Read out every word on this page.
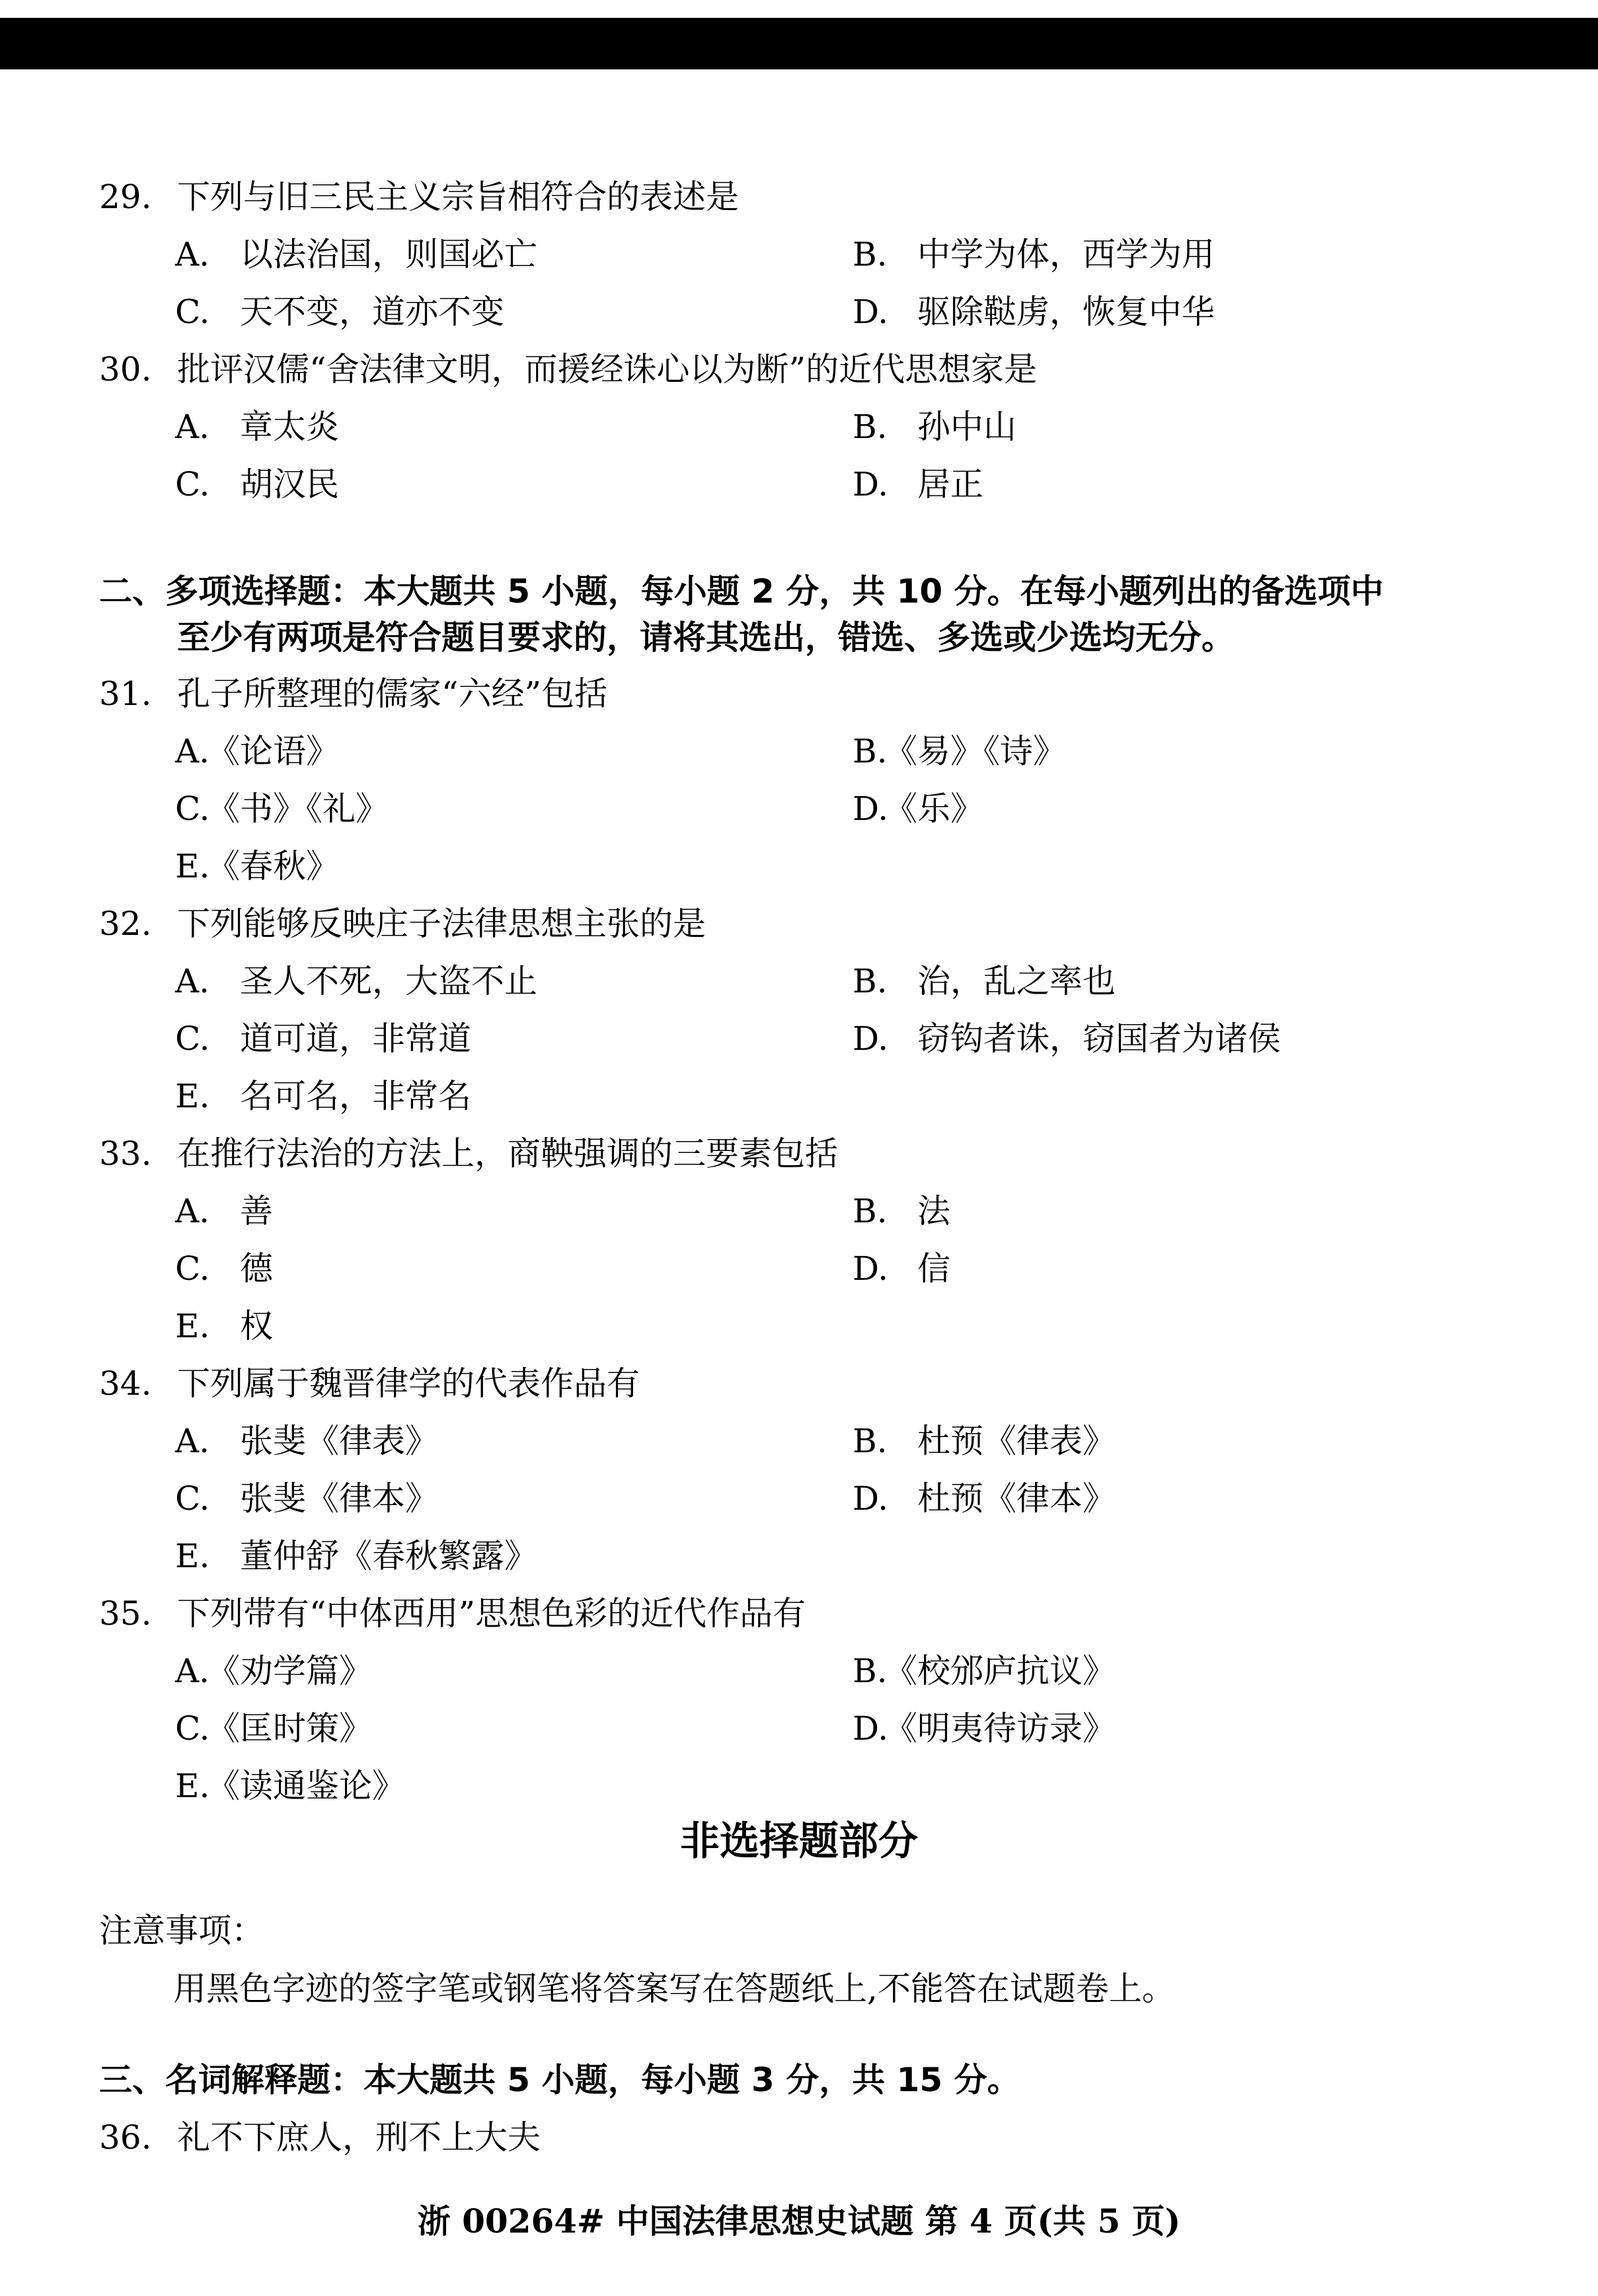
29. 下列与旧三民主义宗旨相符合的表述是
A. 以法治国，则国必亡	B. 中学为体，西学为用
C. 天不变，道亦不变	D. 驱除鞑虏，恢复中华
30. 批评汉儒“舍法律文明，而援经诛心以为断”的近代思想家是
A. 章太炎	B. 孙中山
C. 胡汉民	D. 居正
二、多项选择题：本大题共 5 小题，每小题 2 分，共 10 分。在每小题列出的备选项中
至少有两项是符合题目要求的，请将其选出，错选、多选或少选均无分。
31. 孔子所整理的儒家“六经”包括
A.《论语》	B.《易》《诗》
C.《书》《礼》	D.《乐》
E.《春秋》
32. 下列能够反映庄子法律思想主张的是
A. 圣人不死，大盗不止	B. 治，乱之率也
C. 道可道，非常道	D. 窃钩者诛，窃国者为诸侯
E. 名可名，非常名
33. 在推行法治的方法上，商鞅强调的三要素包括
A. 善	B. 法
C. 德	D. 信
E. 权
34. 下列属于魏晋律学的代表作品有
A. 张斐《律表》	B. 杜预《律表》
C. 张斐《律本》	D. 杜预《律本》
E. 董仲舒《春秋繁露》
35. 下列带有“中体西用”思想色彩的近代作品有
A.《劝学篇》	B.《校邠庐抗议》
C.《匡时策》	D.《明夷待访录》
E.《读通鉴论》
非选择题部分
注意事项：
用黑色字迹的签字笔或钢笔将答案写在答题纸上,不能答在试题卷上。
三、名词解释题：本大题共 5 小题，每小题 3 分，共 15 分。
36. 礼不下庶人，刑不上大夫
浙 00264# 中国法律思想史试题 第 4 页(共 5 页)
